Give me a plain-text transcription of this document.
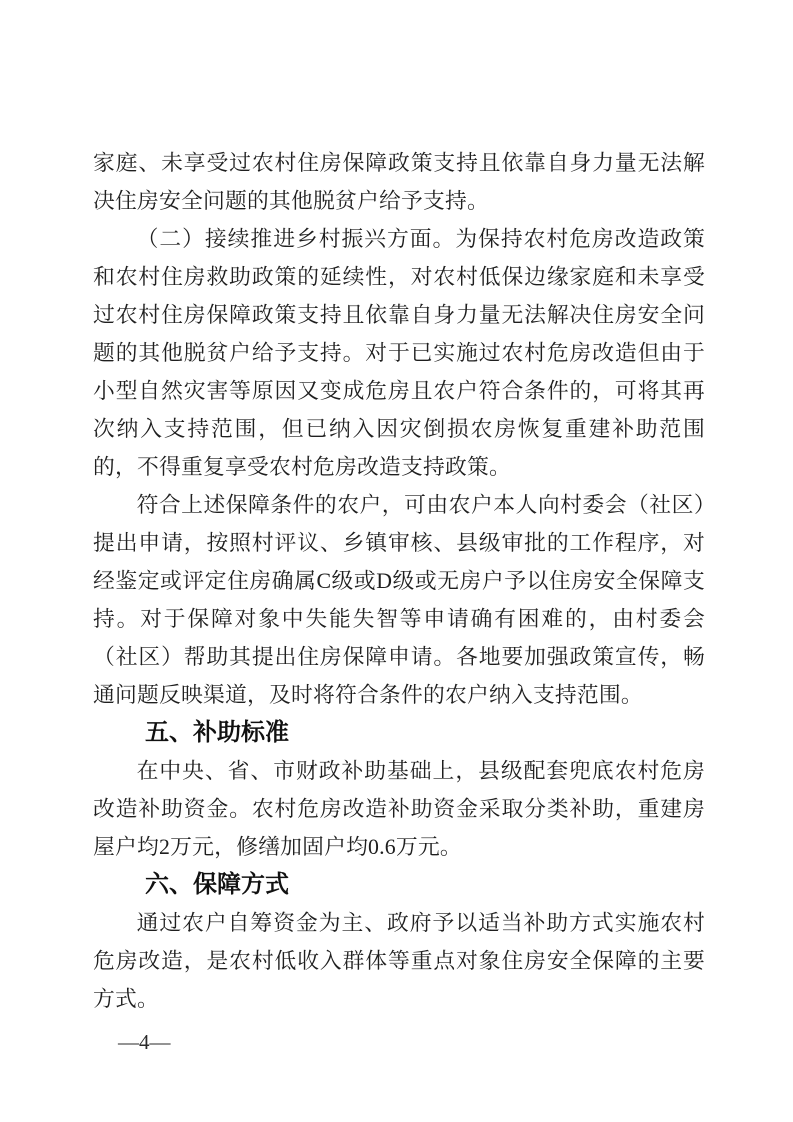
家庭、未享受过农村住房保障政策支持且依靠自身力量无法解决住房安全问题的其他脱贫户给予支持。

（二）接续推进乡村振兴方面。为保持农村危房改造政策和农村住房救助政策的延续性，对农村低保边缘家庭和未享受过农村住房保障政策支持且依靠自身力量无法解决住房安全问题的其他脱贫户给予支持。对于已实施过农村危房改造但由于小型自然灾害等原因又变成危房且农户符合条件的，可将其再次纳入支持范围，但已纳入因灾倒损农房恢复重建补助范围的，不得重复享受农村危房改造支持政策。

符合上述保障条件的农户，可由农户本人向村委会（社区）提出申请，按照村评议、乡镇审核、县级审批的工作程序，对经鉴定或评定住房确属C级或D级或无房户予以住房安全保障支持。对于保障对象中失能失智等申请确有困难的，由村委会（社区）帮助其提出住房保障申请。各地要加强政策宣传，畅通问题反映渠道，及时将符合条件的农户纳入支持范围。

五、补助标准

在中央、省、市财政补助基础上，县级配套兜底农村危房改造补助资金。农村危房改造补助资金采取分类补助，重建房屋户均2万元，修缮加固户均0.6万元。

六、保障方式

通过农户自筹资金为主、政府予以适当补助方式实施农村危房改造，是农村低收入群体等重点对象住房安全保障的主要方式。

—4—
